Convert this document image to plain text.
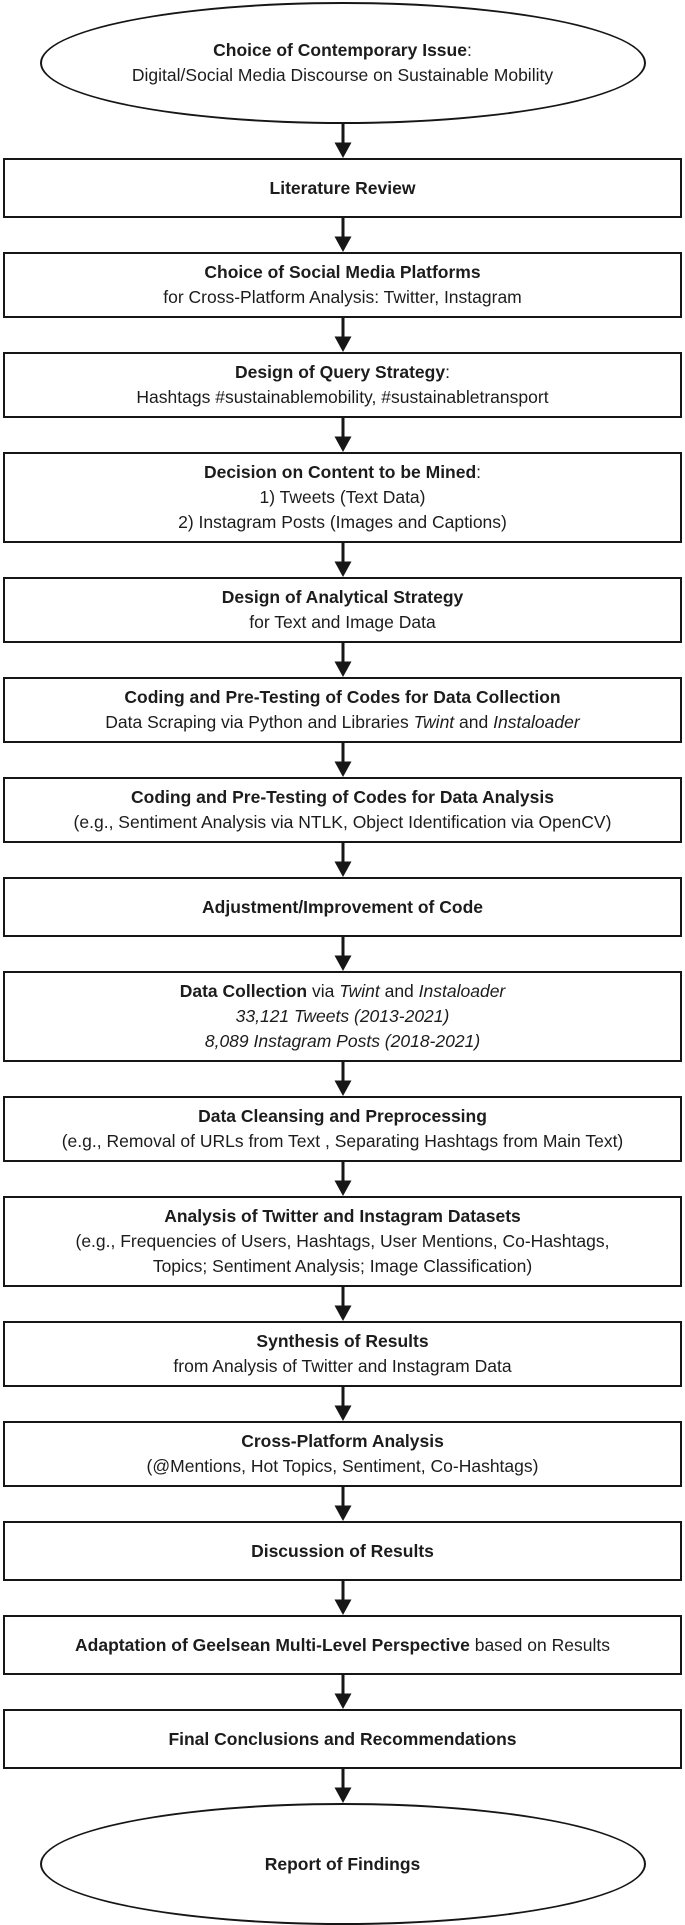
Choice of Contemporary Issue:
Digital/Social Media Discourse on Sustainable Mobility
Literature Review
Choice of Social Media Platforms
for Cross-Platform Analysis: Twitter, Instagram
Design of Query Strategy:
Hashtags #sustainablemobility, #sustainabletransport
Decision on Content to be Mined:
1) Tweets (Text Data)
2) Instagram Posts (Images and Captions)
Design of Analytical Strategy
for Text and Image Data
Coding and Pre-Testing of Codes for Data Collection
Data Scraping via Python and Libraries Twint and Instaloader
Coding and Pre-Testing of Codes for Data Analysis
(e.g., Sentiment Analysis via NTLK, Object Identification via OpenCV)
Adjustment/Improvement of Code
Data Collection via Twint and Instaloader
33,121 Tweets (2013-2021)
8,089 Instagram Posts (2018-2021)
Data Cleansing and Preprocessing
(e.g., Removal of URLs from Text , Separating Hashtags from Main Text)
Analysis of Twitter and Instagram Datasets
(e.g., Frequencies of Users, Hashtags, User Mentions, Co-Hashtags,
Topics; Sentiment Analysis; Image Classification)
Synthesis of Results
from Analysis of Twitter and Instagram Data
Cross-Platform Analysis
(@Mentions, Hot Topics, Sentiment, Co-Hashtags)
Discussion of Results
Adaptation of Geelsean Multi-Level Perspective based on Results
Final Conclusions and Recommendations
Report of Findings
